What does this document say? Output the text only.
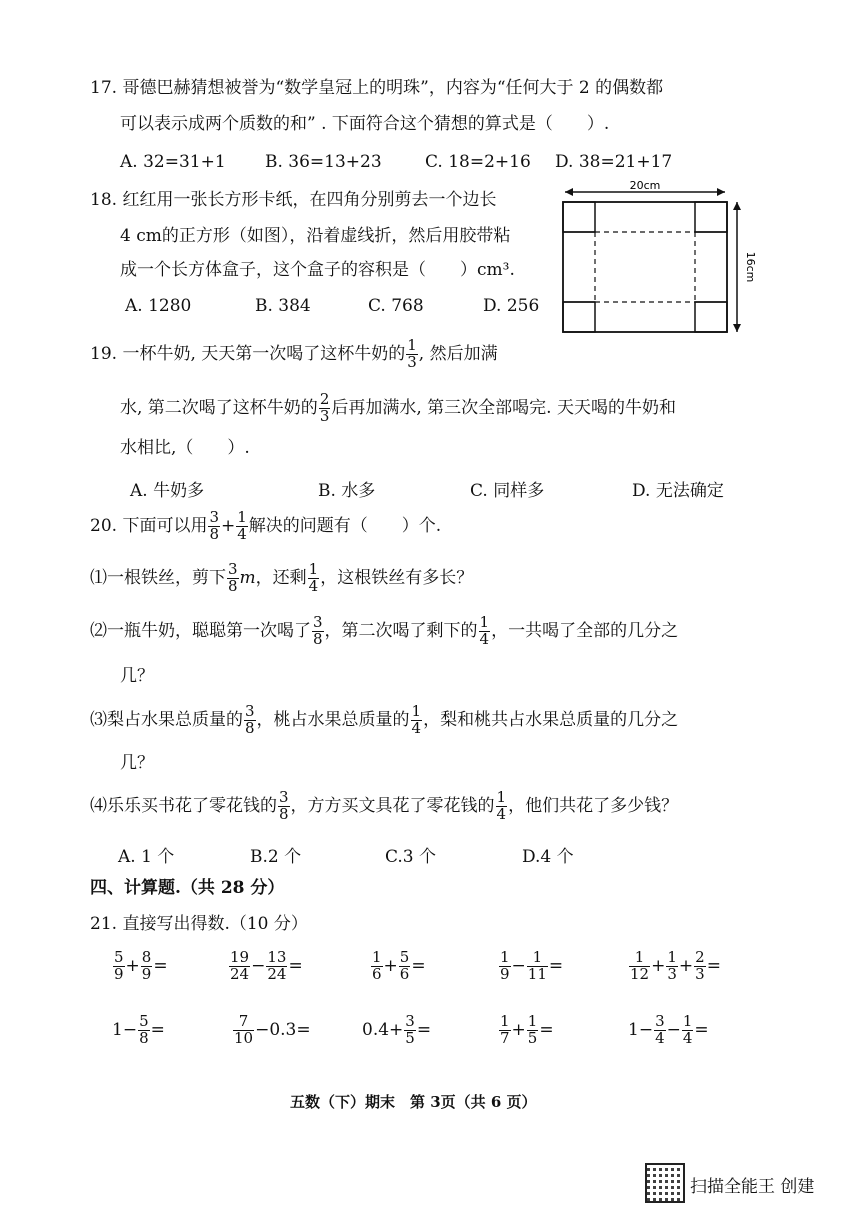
17. 哥德巴赫猜想被誉为“数学皇冠上的明珠”，内容为“任何大于 2 的偶数都
可以表示成两个质数的和” . 下面符合这个猜想的算式是（　　）.
A. 32=31+1 B. 36=13+23	C. 18=2+16 D. 38=21+17
18. 红红用一张长方形卡纸，在四角分别剪去一个边长
4 cm的正方形（如图），沿着虚线折，然后用胶带粘
成一个长方体盒子，这个盒子的容积是（　　）cm³.
A. 1280	B. 384	C. 768	D. 256
20cm
16cm
19. 一杯牛奶, 天天第一次喝了这杯牛奶的 $\frac{1}{3}$ , 然后加满
水, 第二次喝了这杯牛奶的 $\frac{2}{3}$ 后再加满水, 第三次全部喝完. 天天喝的牛奶和
水相比,（　　）.
A. 牛奶多	B. 水多	C. 同样多	D. 无法确定
20. 下面可以用 $\frac{3}{8} + \frac{1}{4}$ 解决的问题有（　　）个.
⑴一根铁丝，剪下 $\frac{3}{8}$ m，还剩 $\frac{1}{4}$ ，这根铁丝有多长？
⑵一瓶牛奶，聪聪第一次喝了 $\frac{3}{8}$ ，第二次喝了剩下的 $\frac{1}{4}$ ，一共喝了全部的几分之
几？
⑶梨占水果总质量的 $\frac{3}{8}$ ，桃占水果总质量的 $\frac{1}{4}$ ，梨和桃共占水果总质量的几分之
几？
⑷乐乐买书花了零花钱的 $\frac{3}{8}$ ，方方买文具花了零花钱的 $\frac{1}{4}$ ，他们共花了多少钱？
A. 1 个	B.2 个	C.3 个	D.4 个
四、计算题.（共 28 分）
21. 直接写出得数.（10 分）
$\frac{5}{9} + \frac{8}{9}$ =	$\frac{19}{24} - \frac{13}{24}$ =	$\frac{1}{6} + \frac{5}{6}$ =	$\frac{1}{9} - \frac{1}{11}$ =	$\frac{1}{12} + \frac{1}{3} + \frac{2}{3}$ =
$1- \frac{5}{8}$ =	$\frac{7}{10} -0.3=$	$0.4+ \frac{3}{5}$ =	$\frac{1}{7} + \frac{1}{5}$ =	$1- \frac{3}{4} - \frac{1}{4}$ =
五数（下）期末　第 3页（共 6 页）
扫描全能王 创建
